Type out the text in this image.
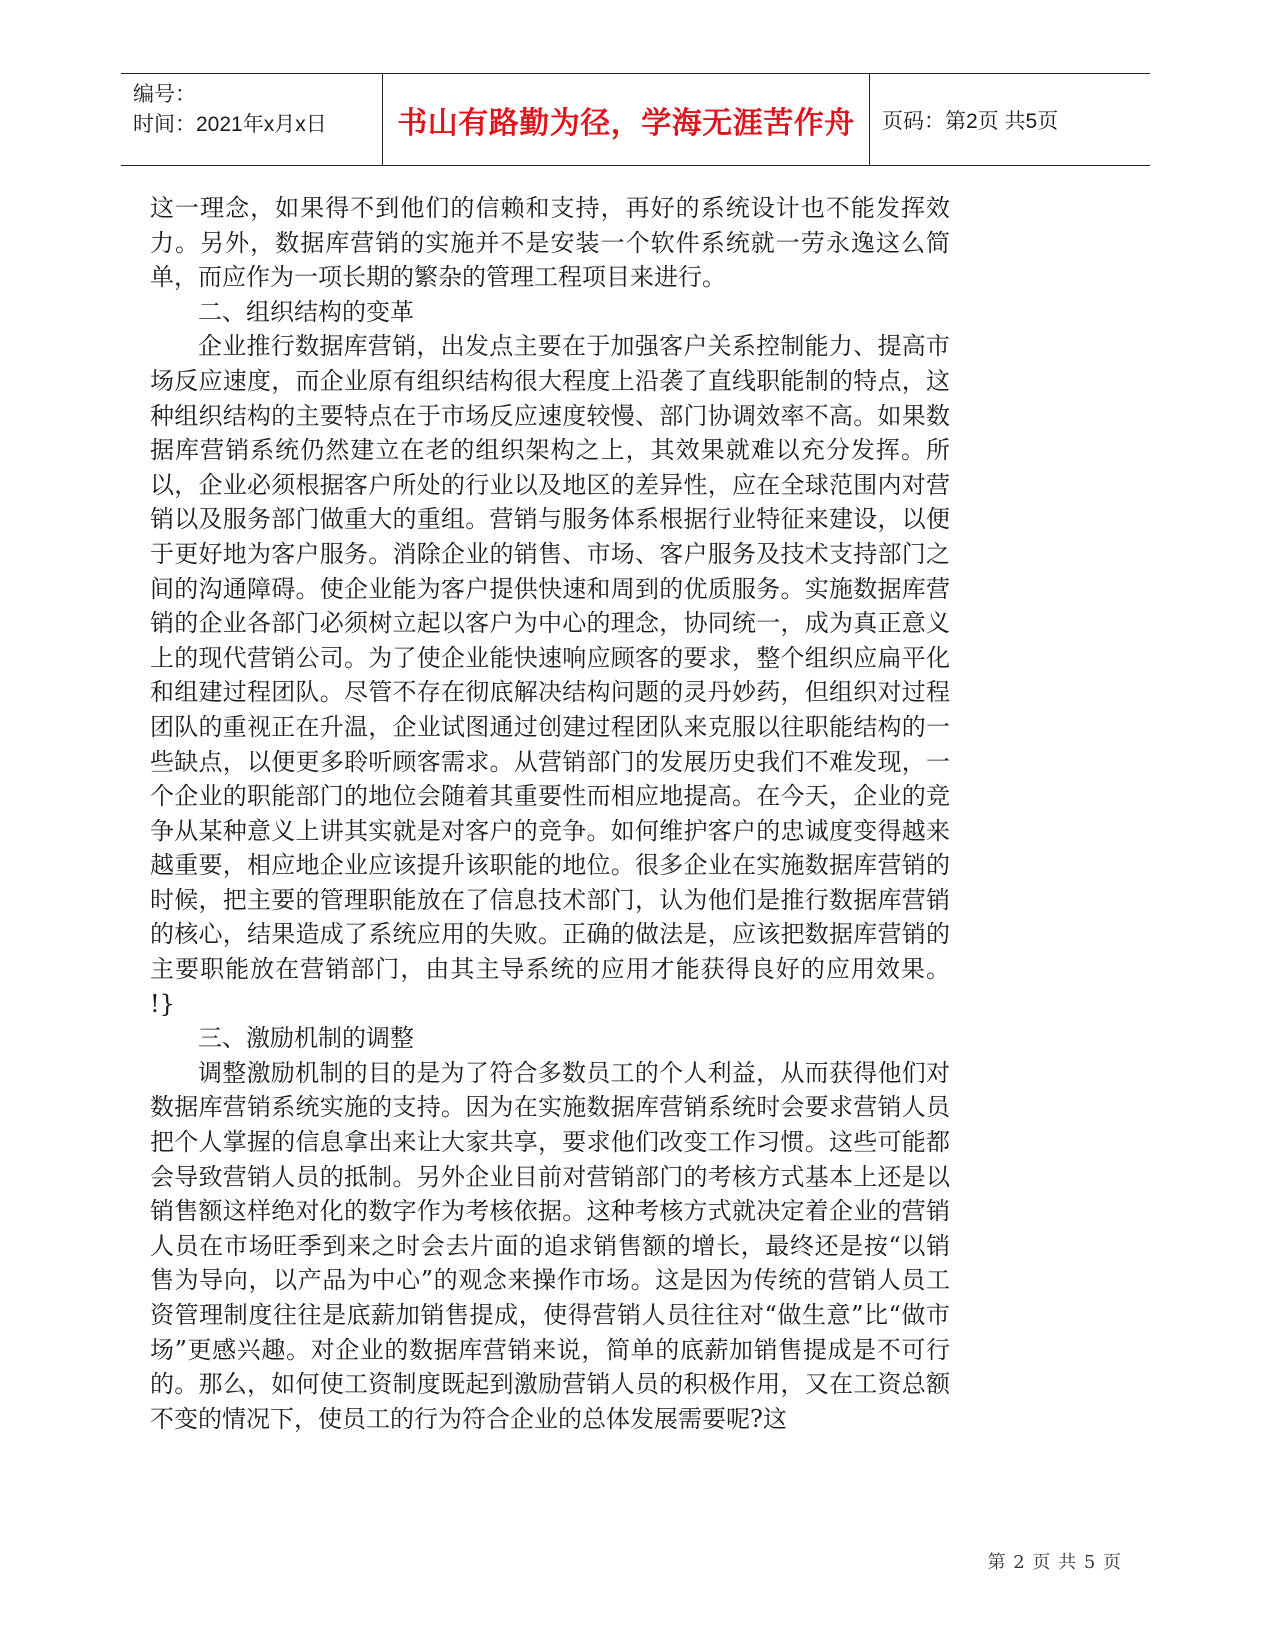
编号：
时间：2021年x月x日	书山有路勤为径，学海无涯苦作舟	页码：第2页 共5页

这一理念，如果得不到他们的信赖和支持，再好的系统设计也不能发挥效力。另外，数据库营销的实施并不是安装一个软件系统就一劳永逸这么简单，而应作为一项长期的繁杂的管理工程项目来进行。

二、组织结构的变革

企业推行数据库营销，出发点主要在于加强客户关系控制能力、提高市场反应速度，而企业原有组织结构很大程度上沿袭了直线职能制的特点，这种组织结构的主要特点在于市场反应速度较慢、部门协调效率不高。如果数据库营销系统仍然建立在老的组织架构之上，其效果就难以充分发挥。所以，企业必须根据客户所处的行业以及地区的差异性，应在全球范围内对营销以及服务部门做重大的重组。营销与服务体系根据行业特征来建设，以便于更好地为客户服务。消除企业的销售、市场、客户服务及技术支持部门之间的沟通障碍。使企业能为客户提供快速和周到的优质服务。实施数据库营销的企业各部门必须树立起以客户为中心的理念，协同统一，成为真正意义上的现代营销公司。为了使企业能快速响应顾客的要求，整个组织应扁平化和组建过程团队。尽管不存在彻底解决结构问题的灵丹妙药，但组织对过程团队的重视正在升温，企业试图通过创建过程团队来克服以往职能结构的一些缺点，以便更多聆听顾客需求。从营销部门的发展历史我们不难发现，一个企业的职能部门的地位会随着其重要性而相应地提高。在今天，企业的竞争从某种意义上讲其实就是对客户的竞争。如何维护客户的忠诚度变得越来越重要，相应地企业应该提升该职能的地位。很多企业在实施数据库营销的时候，把主要的管理职能放在了信息技术部门，认为他们是推行数据库营销的核心，结果造成了系统应用的失败。正确的做法是，应该把数据库营销的主要职能放在营销部门，由其主导系统的应用才能获得良好的应用效果。 !}

三、激励机制的调整

调整激励机制的目的是为了符合多数员工的个人利益，从而获得他们对数据库营销系统实施的支持。因为在实施数据库营销系统时会要求营销人员把个人掌握的信息拿出来让大家共享，要求他们改变工作习惯。这些可能都会导致营销人员的抵制。另外企业目前对营销部门的考核方式基本上还是以销售额这样绝对化的数字作为考核依据。这种考核方式就决定着企业的营销人员在市场旺季到来之时会去片面的追求销售额的增长，最终还是按“以销售为导向，以产品为中心”的观念来操作市场。这是因为传统的营销人员工资管理制度往往是底薪加销售提成，使得营销人员往往对“做生意”比“做市场”更感兴趣。对企业的数据库营销来说，简单的底薪加销售提成是不可行的。那么，如何使工资制度既起到激励营销人员的积极作用，又在工资总额不变的情况下，使员工的行为符合企业的总体发展需要呢?这

第 2 页 共 5 页
